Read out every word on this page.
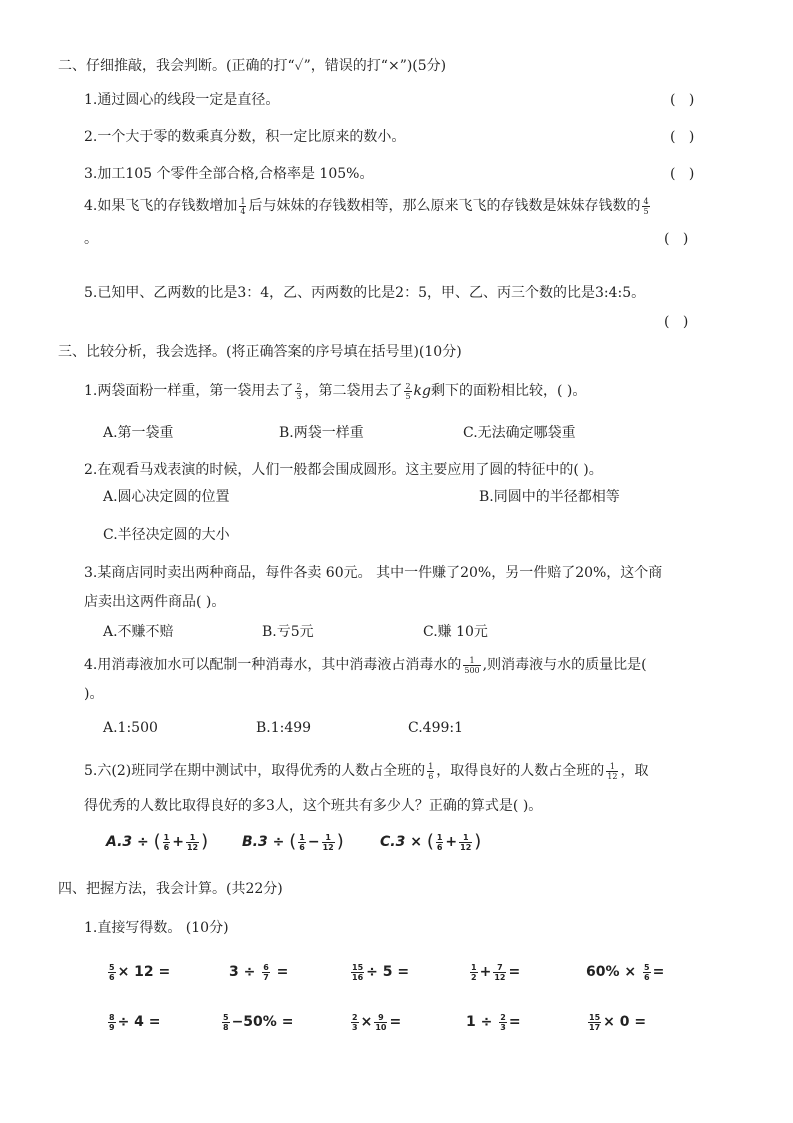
二、仔细推敲，我会判断。(正确的打“✓”，错误的打“×”)(5分)
1.通过圆心的线段一定是直径。	(   )
2.一个大于零的数乘真分数，积一定比原来的数小。	(   )
3.加工105 个零件全部合格,合格率是 105%。	(   )
4.如果飞飞的存钱数增加 $\frac{1}{4}$ 后与妹妹的存钱数相等，那么原来飞飞的存钱数是妹妹存钱数的 $\frac{4}{5}$
。	(   )
5.已知甲、乙两数的比是3：4，乙、丙两数的比是2：5，甲、乙、丙三个数的比是3:4:5。
(   )
三、比较分析，我会选择。(将正确答案的序号填在括号里)(10分)
1.两袋面粉一样重，第一袋用去了 $\frac{2}{3}$ ，第二袋用去了 $\frac{2}{5}$ kg剩下的面粉相比较，( )。
A.第一袋重	B.两袋一样重	C.无法确定哪袋重
2.在观看马戏表演的时候，人们一般都会围成圆形。这主要应用了圆的特征中的( )。
A.圆心决定圆的位置	B.同圆中的半径都相等
C.半径决定圆的大小
3.某商店同时卖出两种商品，每件各卖 60元。 其中一件赚了20%，另一件赔了20%，这个商
店卖出这两件商品( )。
A.不赚不赔	B.亏5元	C.赚 10元
4.用消毒液加水可以配制一种消毒水，其中消毒液占消毒水的 $\frac{1}{500}$ ,则消毒液与水的质量比是(
)。
A.1:500	B.1:499	C.499:1
5.六(2)班同学在期中测试中，取得优秀的人数占全班的 $\frac{1}{6}$ ，取得良好的人数占全班的 $\frac{1}{12}$ ，取
得优秀的人数比取得良好的多3人，这个班共有多少人？正确的算式是( )。
A.3 ÷ ( $\frac{1}{6} + \frac{1}{12}$ ) B.3 ÷ ( $\frac{1}{6} - \frac{1}{12}$ )	C.3 × ( $\frac{1}{6} + \frac{1}{12}$ )
四、把握方法，我会计算。(共22分)
1.直接写得数。 (10分)
$\frac{5}{6} \times 12$ =	$3 \div \frac{6}{7}$ =	$\frac{15}{16} \div 5$ =	$\frac{1}{2} + \frac{7}{12}$ =	$60\% \times \frac{5}{6}$ =
$\frac{8}{9} \div 4$ =	$\frac{5}{8} -50\%$ =	$\frac{2}{3} \times \frac{9}{10}$ =	$1 \div \frac{2}{3}$ =	$\frac{15}{17} \times 0$ =
